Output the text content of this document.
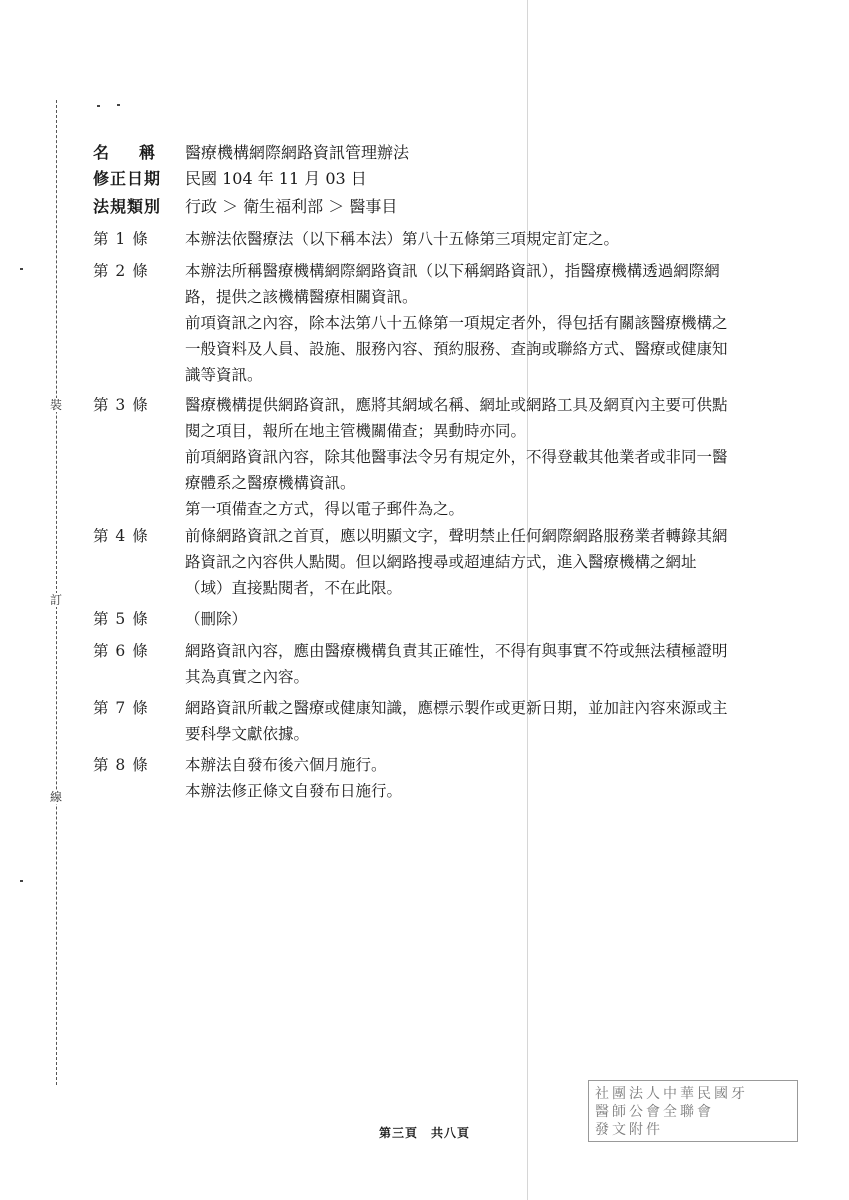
裝
訂
線
名稱 醫療機構網際網路資訊管理辦法
修正日期	民國 104 年 11 月 03 日
法規類別	行政 ＞ 衛生福利部 ＞ 醫事目
第 1 條	本辦法依醫療法（以下稱本法）第八十五條第三項規定訂定之。

第 2 條	本辦法所稱醫療機構網際網路資訊（以下稱網路資訊），指醫療機構透過網際網路，提供之該機構醫療相關資訊。

前項資訊之內容，除本法第八十五條第一項規定者外，得包括有關該醫療機構之一般資料及人員、設施、服務內容、預約服務、查詢或聯絡方式、醫療或健康知識等資訊。

第 3 條	醫療機構提供網路資訊，應將其網域名稱、網址或網路工具及網頁內主要可供點閱之項目，報所在地主管機關備查；異動時亦同。

前項網路資訊內容，除其他醫事法令另有規定外，不得登載其他業者或非同一醫療體系之醫療機構資訊。

第一項備查之方式，得以電子郵件為之。

第 4 條	前條網路資訊之首頁，應以明顯文字，聲明禁止任何網際網路服務業者轉錄其網路資訊之內容供人點閱。但以網路搜尋或超連結方式，進入醫療機構之網址（域）直接點閱者，不在此限。

第 5 條	（刪除）

第 6 條	網路資訊內容，應由醫療機構負責其正確性，不得有與事實不符或無法積極證明其為真實之內容。

第 7 條	網路資訊所載之醫療或健康知識，應標示製作或更新日期，並加註內容來源或主要科學文獻依據。

第 8 條	本辦法自發布後六個月施行。

本辦法修正條文自發布日施行。

社團法人中華民國牙
醫師公會全聯會
發文附件
第三頁　共八頁
